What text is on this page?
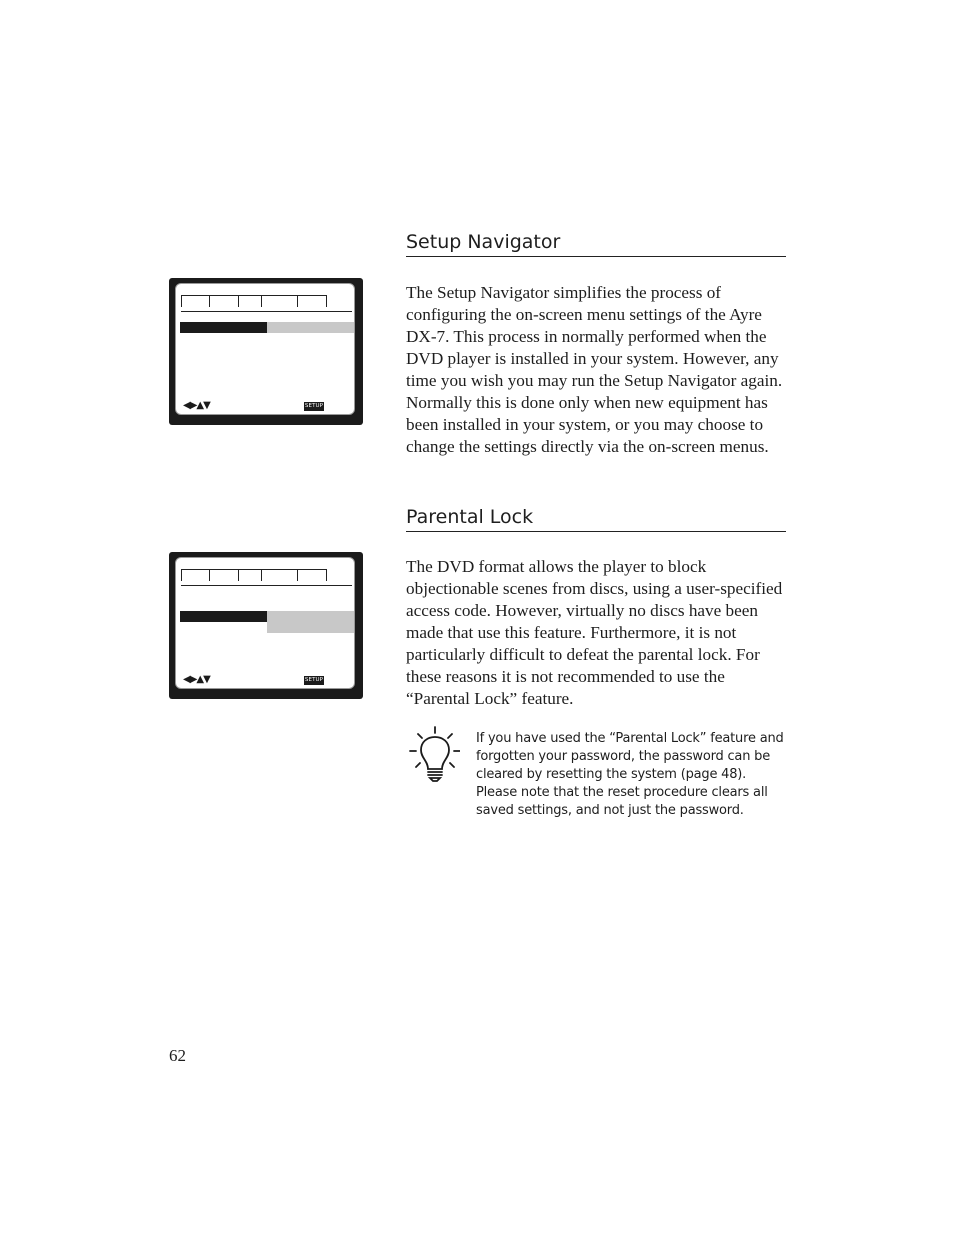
◀▶▲▼	SETUP
Setup Navigator

The Setup Navigator simplifies the process of configuring the on-screen menu settings of the Ayre DX-7. This process in normally performed when the DVD player is installed in your system. However, any time you wish you may run the Setup Navigator again. Normally this is done only when new equipment has been installed in your system, or you may choose to change the settings directly via the on-screen menus.

◀▶▲▼	SETUP
Parental Lock

The DVD format allows the player to block objectionable scenes from discs, using a user-specified access code. However, virtually no discs have been made that use this feature. Furthermore, it is not particularly difficult to defeat the parental lock. For these reasons it is not recommended to use the “Parental Lock” feature.

If you have used the “Parental Lock” feature and forgotten your password, the password can be cleared by resetting the system (page 48). Please note that the reset procedure clears all saved settings, and not just the password.

62
